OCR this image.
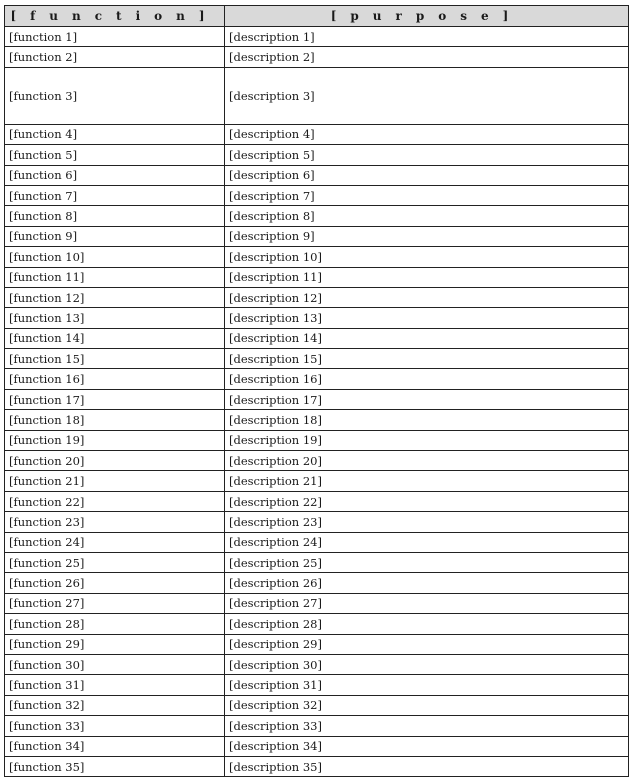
[function]	[purpose]
[function 1]	[description 1]
[function 2]	[description 2]
[function 3]	[description 3]
[function 4]	[description 4]
[function 5]	[description 5]
[function 6]	[description 6]
[function 7]	[description 7]
[function 8]	[description 8]
[function 9]	[description 9]
[function 10]	[description 10]
[function 11]	[description 11]
[function 12]	[description 12]
[function 13]	[description 13]
[function 14]	[description 14]
[function 15]	[description 15]
[function 16]	[description 16]
[function 17]	[description 17]
[function 18]	[description 18]
[function 19]	[description 19]
[function 20]	[description 20]
[function 21]	[description 21]
[function 22]	[description 22]
[function 23]	[description 23]
[function 24]	[description 24]
[function 25]	[description 25]
[function 26]	[description 26]
[function 27]	[description 27]
[function 28]	[description 28]
[function 29]	[description 29]
[function 30]	[description 30]
[function 31]	[description 31]
[function 32]	[description 32]
[function 33]	[description 33]
[function 34]	[description 34]
[function 35]	[description 35]
